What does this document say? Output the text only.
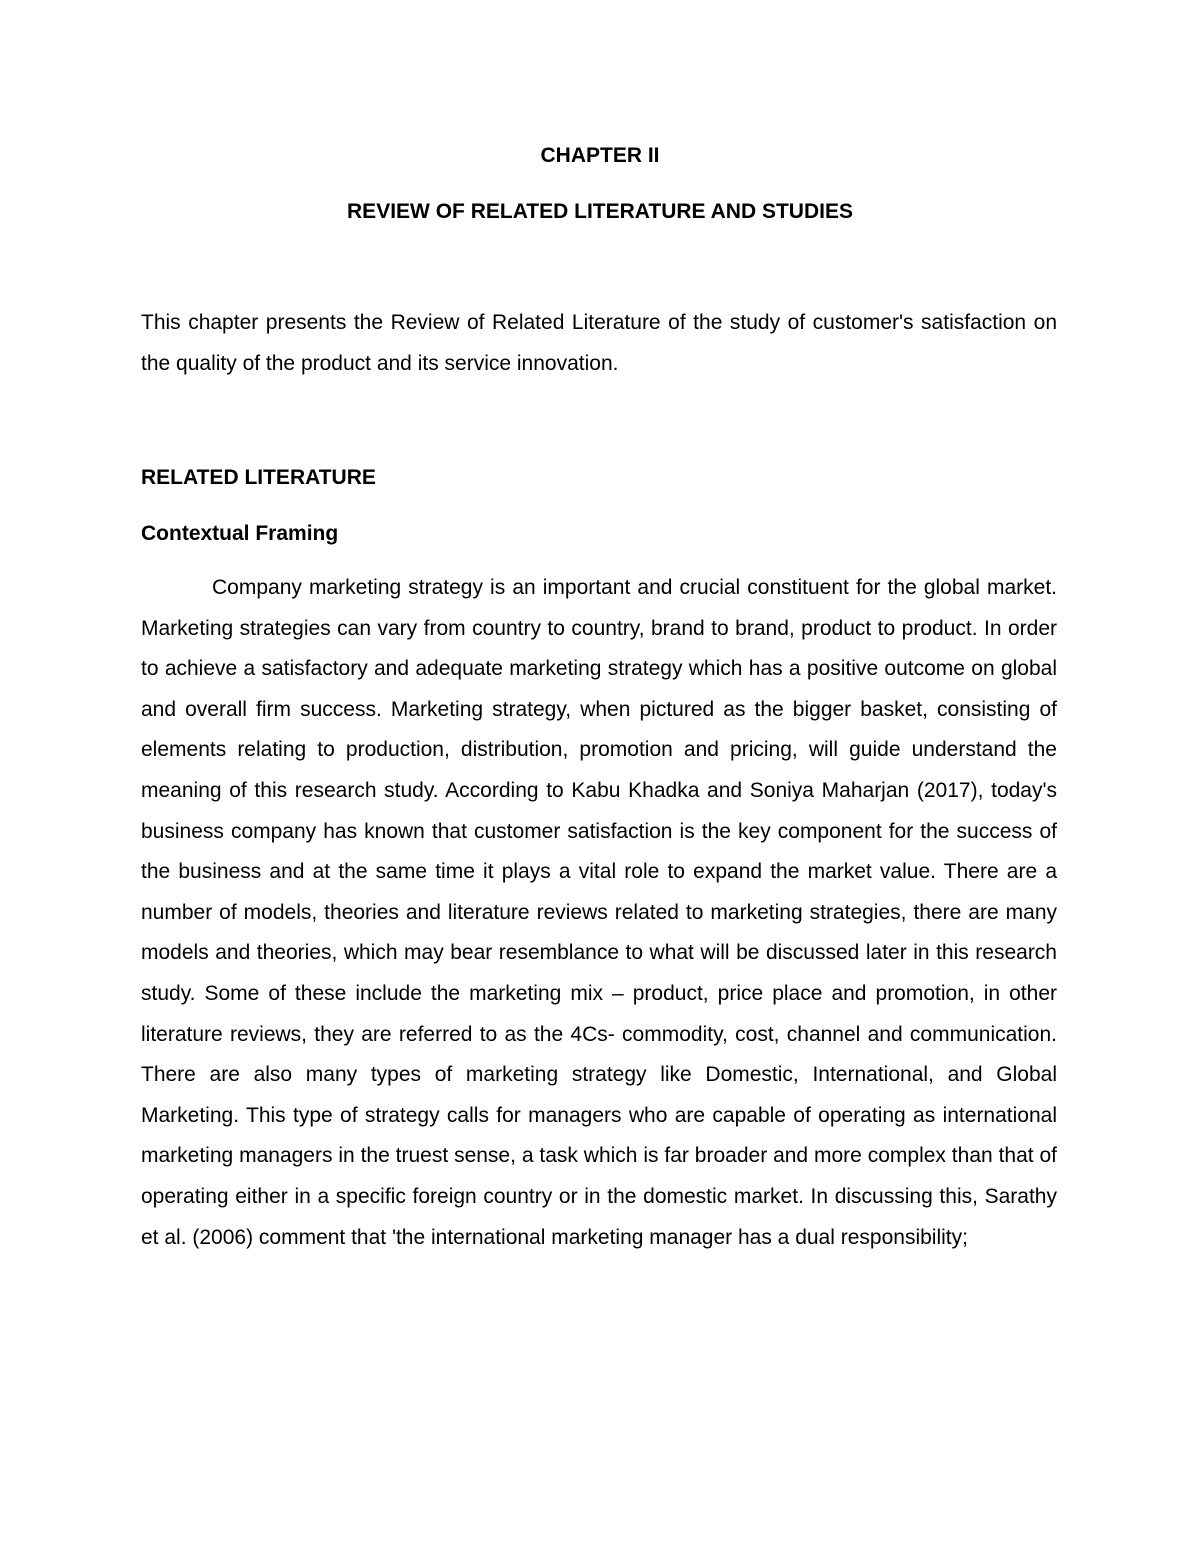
CHAPTER II
REVIEW OF RELATED LITERATURE AND STUDIES

This chapter presents the Review of Related Literature of the study of customer's satisfaction on the quality of the product and its service innovation.

RELATED LITERATURE
Contextual Framing

Company marketing strategy is an important and crucial constituent for the global market. Marketing strategies can vary from country to country, brand to brand, product to product. In order to achieve a satisfactory and adequate marketing strategy which has a positive outcome on global and overall firm success. Marketing strategy, when pictured as the bigger basket, consisting of elements relating to production, distribution, promotion and pricing, will guide understand the meaning of this research study. According to Kabu Khadka and Soniya Maharjan (2017), today's business company has known that customer satisfaction is the key component for the success of the business and at the same time it plays a vital role to expand the market value. There are a number of models, theories and literature reviews related to marketing strategies, there are many models and theories, which may bear resemblance to what will be discussed later in this research study. Some of these include the marketing mix – product, price place and promotion, in other literature reviews, they are referred to as the 4Cs- commodity, cost, channel and communication. There are also many types of marketing strategy like Domestic, International, and Global Marketing. This type of strategy calls for managers who are capable of operating as international marketing managers in the truest sense, a task which is far broader and more complex than that of operating either in a specific foreign country or in the domestic market. In discussing this, Sarathy et al. (2006) comment that 'the international marketing manager has a dual responsibility;
